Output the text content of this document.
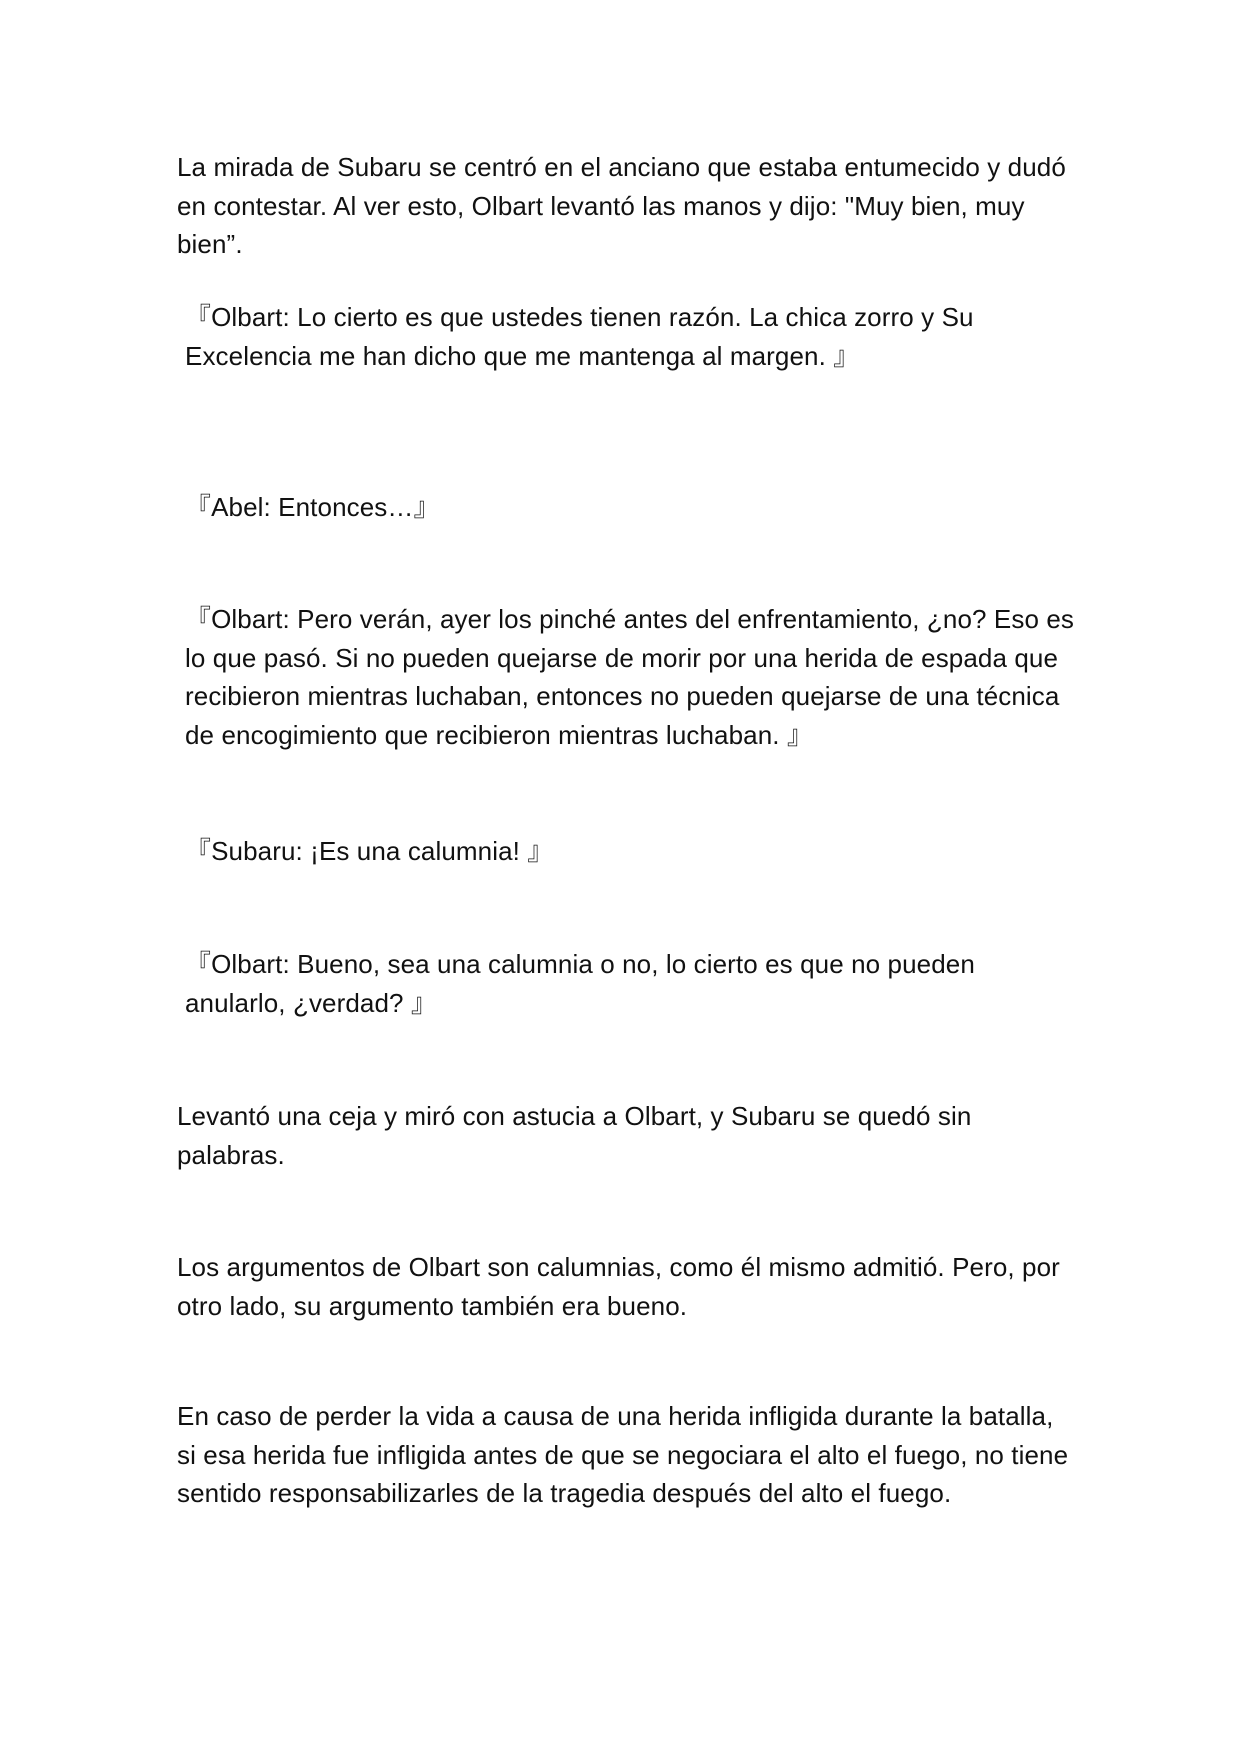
La mirada de Subaru se centró en el anciano que estaba entumecido y dudó en contestar. Al ver esto, Olbart levantó las manos y dijo: "Muy bien, muy bien”.

『Olbart: Lo cierto es que ustedes tienen razón. La chica zorro y Su Excelencia me han dicho que me mantenga al margen. 』

『Abel: Entonces…』

『Olbart: Pero verán, ayer los pinché antes del enfrentamiento, ¿no? Eso es lo que pasó. Si no pueden quejarse de morir por una herida de espada que recibieron mientras luchaban, entonces no pueden quejarse de una técnica de encogimiento que recibieron mientras luchaban. 』

『Subaru: ¡Es una calumnia! 』

『Olbart: Bueno, sea una calumnia o no, lo cierto es que no pueden anularlo, ¿verdad? 』

Levantó una ceja y miró con astucia a Olbart, y Subaru se quedó sin palabras.

Los argumentos de Olbart son calumnias, como él mismo admitió. Pero, por otro lado, su argumento también era bueno.

En caso de perder la vida a causa de una herida infligida durante la batalla, si esa herida fue infligida antes de que se negociara el alto el fuego, no tiene sentido responsabilizarles de la tragedia después del alto el fuego.
